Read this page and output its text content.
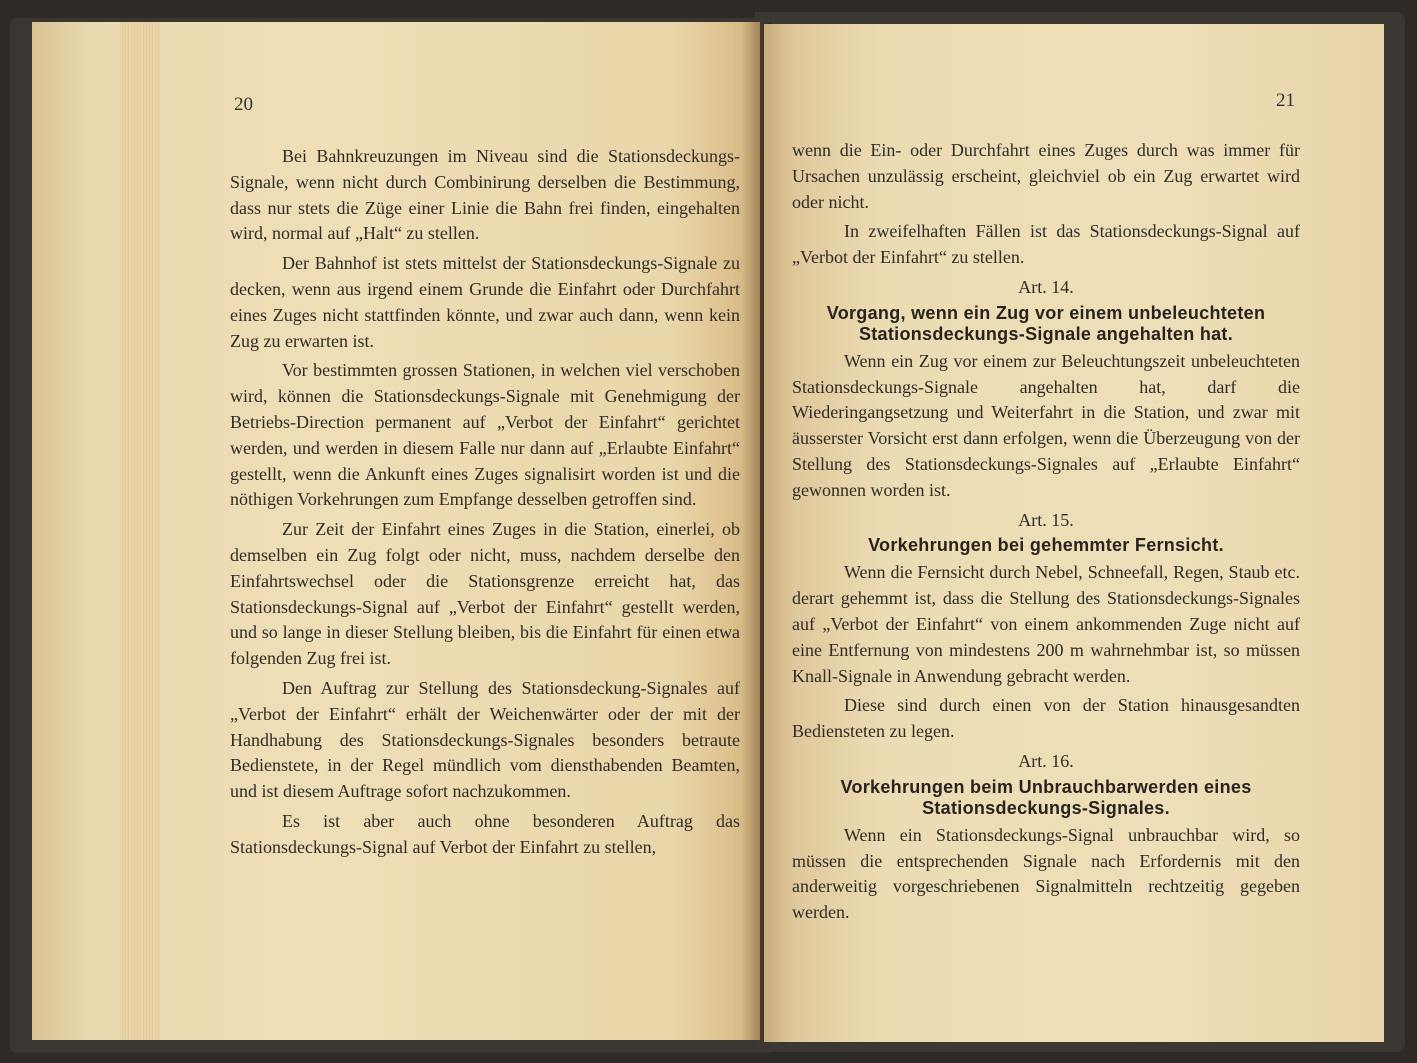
20

Bei Bahnkreuzungen im Niveau sind die Stationsdeckungs-Signale, wenn nicht durch Combinirung derselben die Bestimmung, dass nur stets die Züge einer Linie die Bahn frei finden, eingehalten wird, normal auf „Halt“ zu stellen.

Der Bahnhof ist stets mittelst der Stationsdeckungs-Signale zu decken, wenn aus irgend einem Grunde die Einfahrt oder Durchfahrt eines Zuges nicht stattfinden könnte, und zwar auch dann, wenn kein Zug zu erwarten ist.

Vor bestimmten grossen Stationen, in welchen viel verschoben wird, können die Stationsdeckungs-Signale mit Genehmigung der Betriebs-Direction permanent auf „Verbot der Einfahrt“ gerichtet werden, und werden in diesem Falle nur dann auf „Erlaubte Einfahrt“ gestellt, wenn die Ankunft eines Zuges signalisirt worden ist und die nöthigen Vorkehrungen zum Empfange desselben getroffen sind.

Zur Zeit der Einfahrt eines Zuges in die Station, einerlei, ob demselben ein Zug folgt oder nicht, muss, nachdem derselbe den Einfahrtswechsel oder die Stationsgrenze erreicht hat, das Stationsdeckungs-Signal auf „Verbot der Einfahrt“ gestellt werden, und so lange in dieser Stellung bleiben, bis die Einfahrt für einen etwa folgenden Zug frei ist.

Den Auftrag zur Stellung des Stationsdeckung-Signales auf „Verbot der Einfahrt“ erhält der Weichenwärter oder der mit der Handhabung des Stationsdeckungs-Signales besonders betraute Bedienstete, in der Regel mündlich vom diensthabenden Beamten, und ist diesem Auftrage sofort nachzukommen.

Es ist aber auch ohne besonderen Auftrag das Stationsdeckungs-Signal auf Verbot der Einfahrt zu stellen,

21

wenn die Ein- oder Durchfahrt eines Zuges durch was immer für Ursachen unzulässig erscheint, gleichviel ob ein Zug erwartet wird oder nicht.

In zweifelhaften Fällen ist das Stationsdeckungs-Signal auf „Verbot der Einfahrt“ zu stellen.

Art. 14.
Vorgang, wenn ein Zug vor einem unbeleuchteten Stationsdeckungs-Signale angehalten hat.

Wenn ein Zug vor einem zur Beleuchtungszeit unbeleuchteten Stationsdeckungs-Signale angehalten hat, darf die Wiederingangsetzung und Weiterfahrt in die Station, und zwar mit äusserster Vorsicht erst dann erfolgen, wenn die Überzeugung von der Stellung des Stationsdeckungs-Signales auf „Erlaubte Einfahrt“ gewonnen worden ist.

Art. 15.
Vorkehrungen bei gehemmter Fernsicht.

Wenn die Fernsicht durch Nebel, Schneefall, Regen, Staub etc. derart gehemmt ist, dass die Stellung des Stationsdeckungs-Signales auf „Verbot der Einfahrt“ von einem ankommenden Zuge nicht auf eine Entfernung von mindestens 200 m wahrnehmbar ist, so müssen Knall-Signale in Anwendung gebracht werden.

Diese sind durch einen von der Station hinausgesandten Bediensteten zu legen.

Art. 16.
Vorkehrungen beim Unbrauchbarwerden eines Stationsdeckungs-Signales.

Wenn ein Stationsdeckungs-Signal unbrauchbar wird, so müssen die entsprechenden Signale nach Erfordernis mit den anderweitig vorgeschriebenen Signalmitteln rechtzeitig gegeben werden.
